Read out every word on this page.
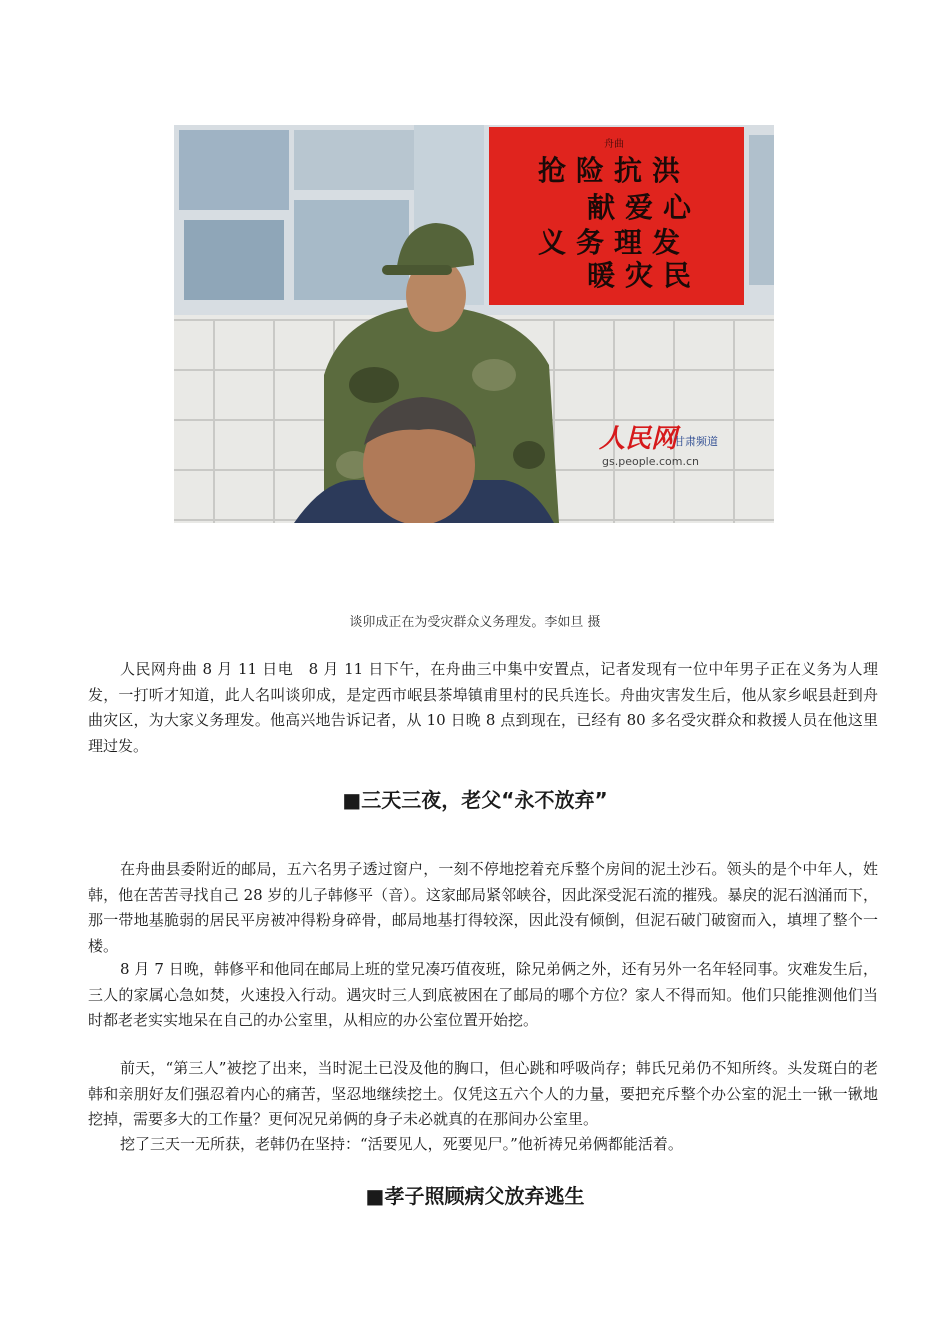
舟曲
抢险抗洪
献爱心
义务理发
暖灾民
人民网
甘肃频道
gs.people.com.cn
谈卯成正在为受灾群众义务理发。李如旦 摄

人民网舟曲 8 月 11 日电　8 月 11 日下午，在舟曲三中集中安置点，记者发现有一位中年男子正在义务为人理发，一打听才知道，此人名叫谈卯成，是定西市岷县茶埠镇甫里村的民兵连长。舟曲灾害发生后，他从家乡岷县赶到舟曲灾区，为大家义务理发。他高兴地告诉记者，从 10 日晚 8 点到现在，已经有 80 多名受灾群众和救援人员在他这里理过发。

■三天三夜，老父“永不放弃”

在舟曲县委附近的邮局，五六名男子透过窗户，一刻不停地挖着充斥整个房间的泥土沙石。领头的是个中年人，姓韩，他在苦苦寻找自己 28 岁的儿子韩修平（音）。这家邮局紧邻峡谷，因此深受泥石流的摧残。暴戾的泥石汹涌而下，那一带地基脆弱的居民平房被冲得粉身碎骨，邮局地基打得较深，因此没有倾倒，但泥石破门破窗而入，填埋了整个一楼。

8 月 7 日晚，韩修平和他同在邮局上班的堂兄凑巧值夜班，除兄弟俩之外，还有另外一名年轻同事。灾难发生后，三人的家属心急如焚，火速投入行动。遇灾时三人到底被困在了邮局的哪个方位？家人不得而知。他们只能推测他们当时都老老实实地呆在自己的办公室里，从相应的办公室位置开始挖。

前天，“第三人”被挖了出来，当时泥土已没及他的胸口，但心跳和呼吸尚存；韩氏兄弟仍不知所终。头发斑白的老韩和亲朋好友们强忍着内心的痛苦，坚忍地继续挖土。仅凭这五六个人的力量，要把充斥整个办公室的泥土一锹一锹地挖掉，需要多大的工作量？更何况兄弟俩的身子未必就真的在那间办公室里。

挖了三天一无所获，老韩仍在坚持：“活要见人，死要见尸。”他祈祷兄弟俩都能活着。

■孝子照顾病父放弃逃生
